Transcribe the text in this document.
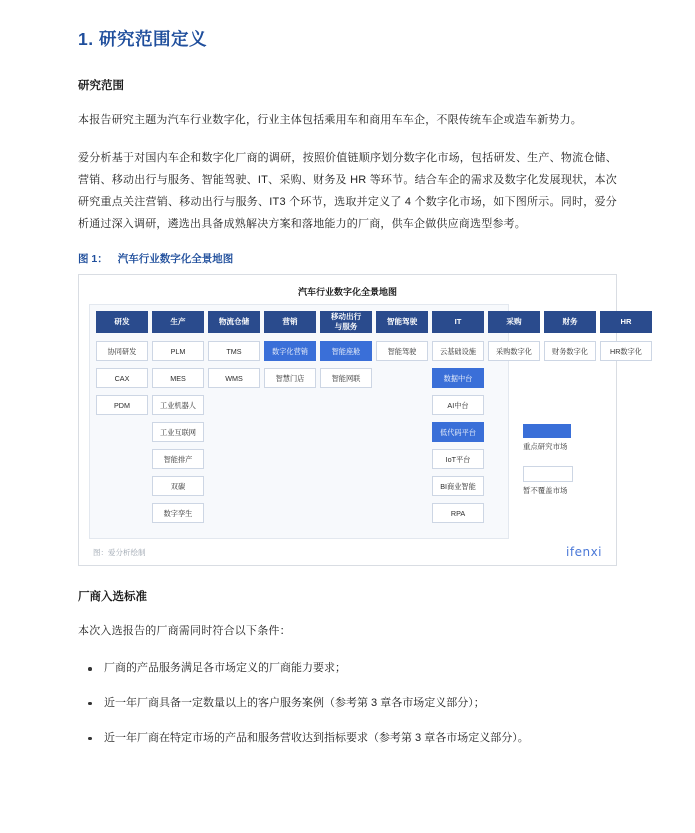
1. 研究范围定义
研究范围

本报告研究主题为汽车行业数字化，行业主体包括乘用车和商用车车企，不限传统车企或造车新势力。

爱分析基于对国内车企和数字化厂商的调研，按照价值链顺序划分数字化市场，包括研发、生产、物流仓储、营销、移动出行与服务、智能驾驶、IT、采购、财务及 HR 等环节。结合车企的需求及数字化发展现状，本次研究重点关注营销、移动出行与服务、IT3 个环节，选取并定义了 4 个数字化市场，如下图所示。同时，爱分析通过深入调研，遴选出具备成熟解决方案和落地能力的厂商，供车企做供应商选型参考。

图 1： 汽车行业数字化全景地图
汽车行业数字化全景地图
研发
协同研发
CAX
PDM
生产
PLM
MES
工业机器人
工业互联网
智能排产
双碳
数字孪生
物流仓储
TMS
WMS
营销
数字化营销
智慧门店
移动出行
与服务
智能座舱
智能网联
智能驾驶
智能驾驶
IT
云基础设施
数据中台
AI中台
低代码平台
IoT平台
BI商业智能
RPA
采购
采购数字化
财务
财务数字化
HR
HR数字化
重点研究市场
暂不覆盖市场
图：爱分析绘制	ifenxi
厂商入选标准

本次入选报告的厂商需同时符合以下条件：

厂商的产品服务满足各市场定义的厂商能力要求；
近一年厂商具备一定数量以上的客户服务案例（参考第 3 章各市场定义部分）；
近一年厂商在特定市场的产品和服务营收达到指标要求（参考第 3 章各市场定义部分）。
